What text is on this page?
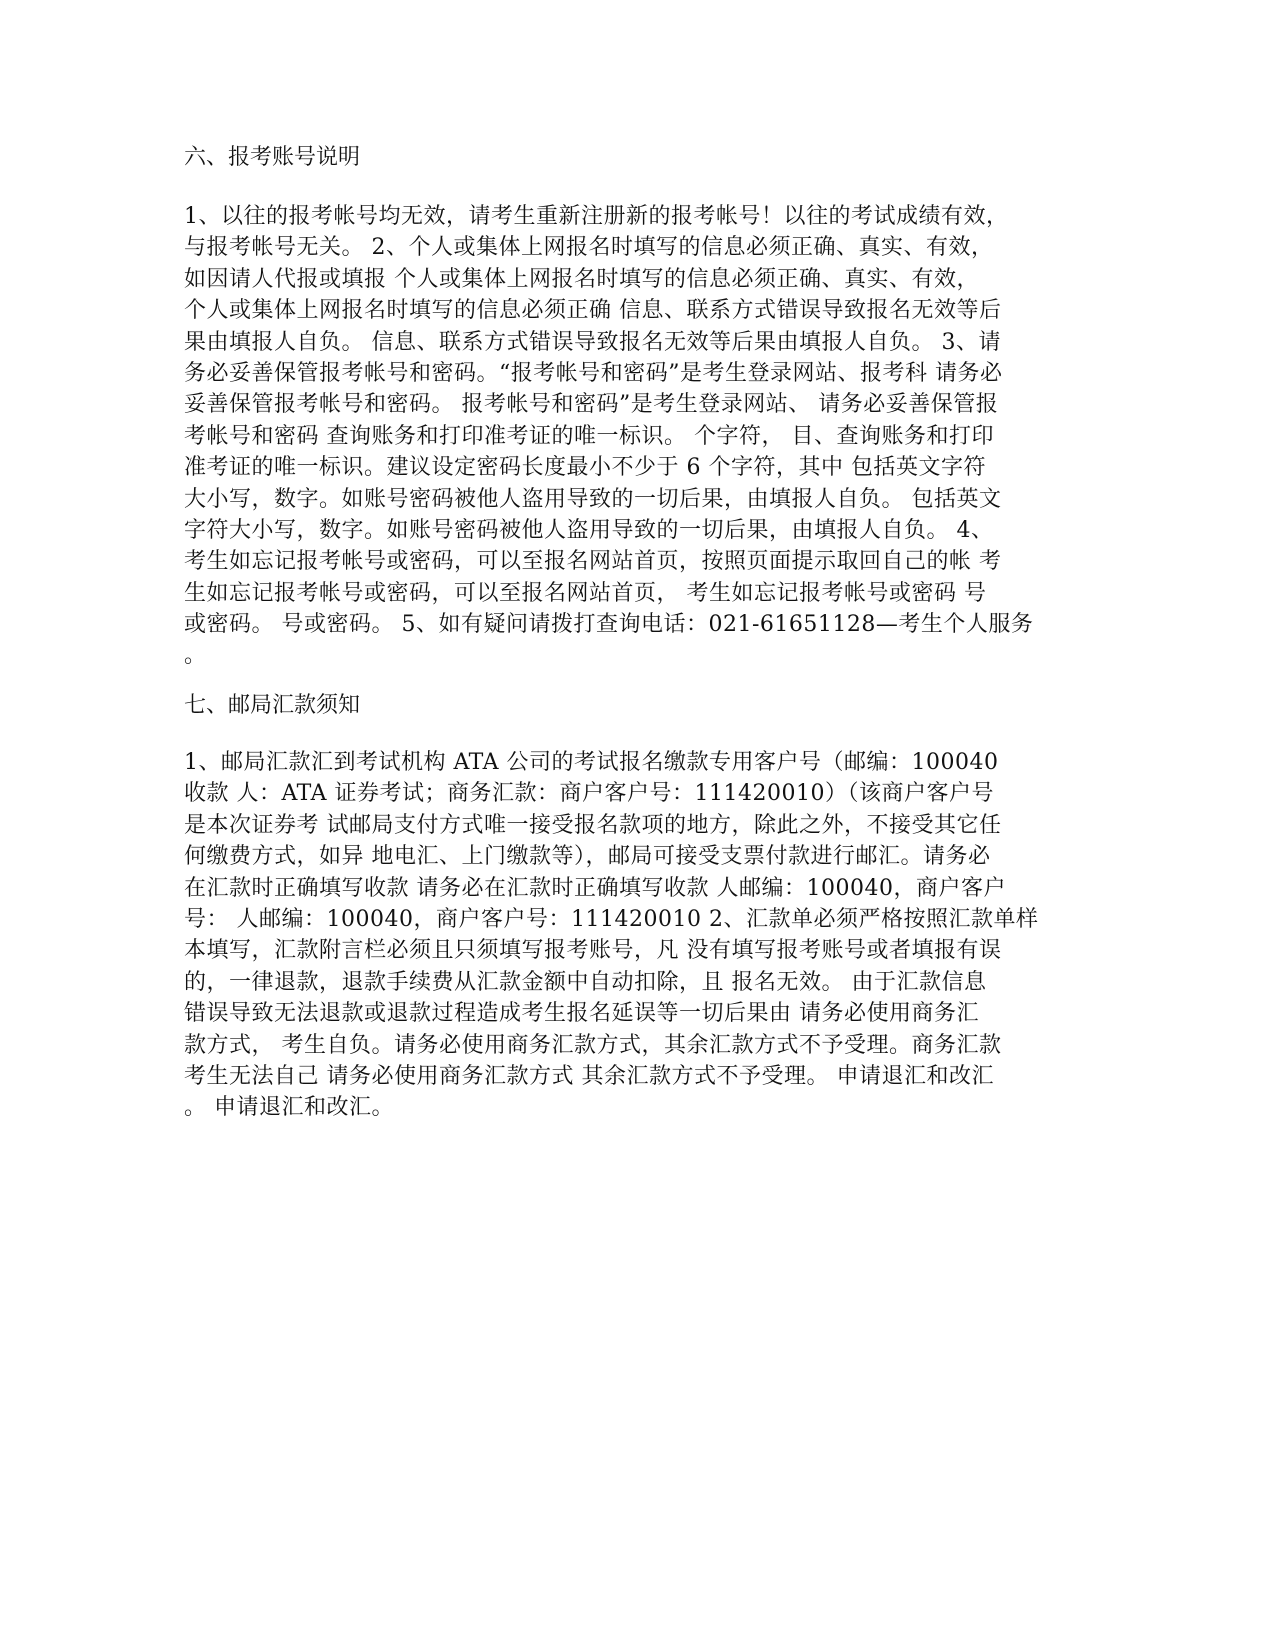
六、报考账号说明
1、以往的报考帐号均无效，请考生重新注册新的报考帐号！以往的考试成绩有效，
与报考帐号无关。 2、个人或集体上网报名时填写的信息必须正确、真实、有效，
如因请人代报或填报 个人或集体上网报名时填写的信息必须正确、真实、有效，
个人或集体上网报名时填写的信息必须正确 信息、联系方式错误导致报名无效等后
果由填报人自负。 信息、联系方式错误导致报名无效等后果由填报人自负。 3、请
务必妥善保管报考帐号和密码。“报考帐号和密码”是考生登录网站、报考科 请务必
妥善保管报考帐号和密码。 报考帐号和密码”是考生登录网站、 请务必妥善保管报
考帐号和密码 查询账务和打印准考证的唯一标识。 个字符， 目、查询账务和打印
准考证的唯一标识。建议设定密码长度最小不少于 6 个字符，其中 包括英文字符
大小写，数字。如账号密码被他人盗用导致的一切后果，由填报人自负。 包括英文
字符大小写，数字。如账号密码被他人盗用导致的一切后果，由填报人自负。 4、
考生如忘记报考帐号或密码，可以至报名网站首页，按照页面提示取回自己的帐 考
生如忘记报考帐号或密码，可以至报名网站首页， 考生如忘记报考帐号或密码 号
或密码。 号或密码。 5、如有疑问请拨打查询电话：021-61651128—考生个人服务
。
七、邮局汇款须知
1、邮局汇款汇到考试机构 ATA 公司的考试报名缴款专用客户号（邮编：100040
收款 人：ATA 证券考试；商务汇款：商户客户号：111420010）（该商户客户号
是本次证券考 试邮局支付方式唯一接受报名款项的地方，除此之外，不接受其它任
何缴费方式，如异 地电汇、上门缴款等），邮局可接受支票付款进行邮汇。请务必
在汇款时正确填写收款 请务必在汇款时正确填写收款 人邮编：100040，商户客户
号： 人邮编：100040，商户客户号：111420010 2、汇款单必须严格按照汇款单样
本填写，汇款附言栏必须且只须填写报考账号，凡 没有填写报考账号或者填报有误
的，一律退款，退款手续费从汇款金额中自动扣除，且 报名无效。 由于汇款信息
错误导致无法退款或退款过程造成考生报名延误等一切后果由 请务必使用商务汇
款方式， 考生自负。请务必使用商务汇款方式，其余汇款方式不予受理。商务汇款
考生无法自己 请务必使用商务汇款方式 其余汇款方式不予受理。 申请退汇和改汇
。 申请退汇和改汇。
